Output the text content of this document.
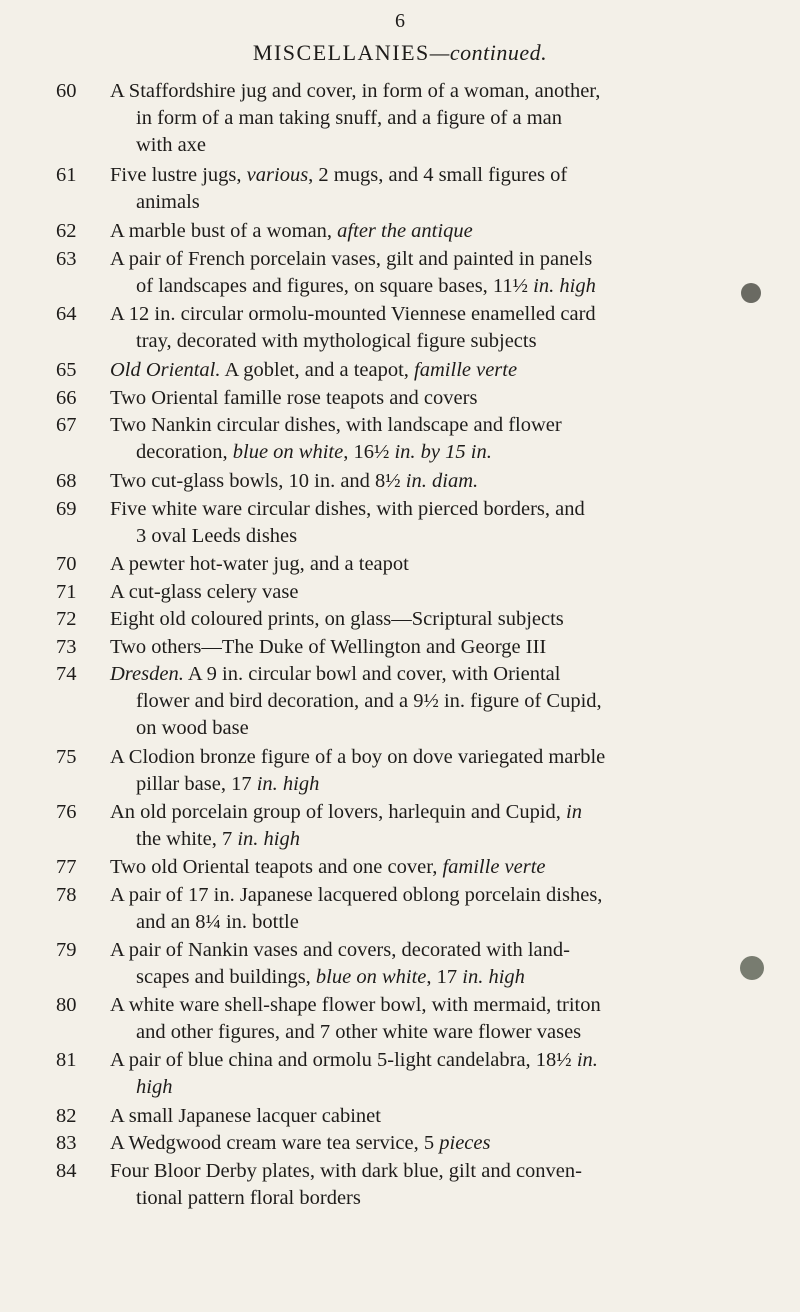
6
MISCELLANIES—continued.
60	A Staffordshire jug and cover, in form of a woman, another,
in form of a man taking snuff, and a figure of a man
with axe
61	Five lustre jugs, various, 2 mugs, and 4 small figures of
animals
62	A marble bust of a woman, after the antique
63	A pair of French porcelain vases, gilt and painted in panels
of landscapes and figures, on square bases, 11½ in. high
64	A 12 in. circular ormolu-mounted Viennese enamelled card
tray, decorated with mythological figure subjects
65	Old Oriental. A goblet, and a teapot, famille verte
66	Two Oriental famille rose teapots and covers
67	Two Nankin circular dishes, with landscape and flower
decoration, blue on white, 16½ in. by 15 in.
68	Two cut-glass bowls, 10 in. and 8½ in. diam.
69	Five white ware circular dishes, with pierced borders, and
3 oval Leeds dishes
70	A pewter hot-water jug, and a teapot
71	A cut-glass celery vase
72	Eight old coloured prints, on glass—Scriptural subjects
73	Two others—The Duke of Wellington and George III
74	Dresden. A 9 in. circular bowl and cover, with Oriental
flower and bird decoration, and a 9½ in. figure of Cupid,
on wood base
75	A Clodion bronze figure of a boy on dove variegated marble
pillar base, 17 in. high
76	An old porcelain group of lovers, harlequin and Cupid, in
the white, 7 in. high
77	Two old Oriental teapots and one cover, famille verte
78	A pair of 17 in. Japanese lacquered oblong porcelain dishes,
and an 8¼ in. bottle
79	A pair of Nankin vases and covers, decorated with land-
scapes and buildings, blue on white, 17 in. high
80	A white ware shell-shape flower bowl, with mermaid, triton
and other figures, and 7 other white ware flower vases
81	A pair of blue china and ormolu 5-light candelabra, 18½ in.
high
82	A small Japanese lacquer cabinet
83	A Wedgwood cream ware tea service, 5 pieces
84	Four Bloor Derby plates, with dark blue, gilt and conven-
tional pattern floral borders
